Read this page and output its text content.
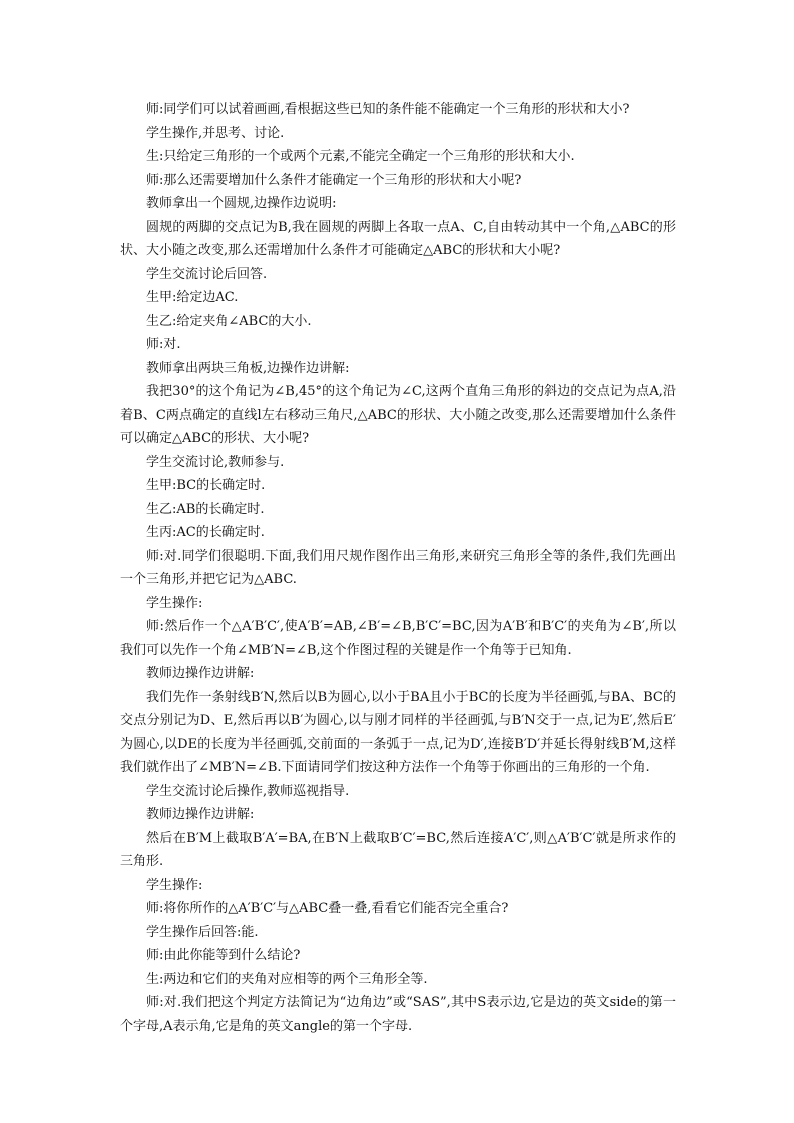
师:同学们可以试着画画,看根据这些已知的条件能不能确定一个三角形的形状和大小?

学生操作,并思考、讨论.

生:只给定三角形的一个或两个元素,不能完全确定一个三角形的形状和大小.

师:那么还需要增加什么条件才能确定一个三角形的形状和大小呢?

教师拿出一个圆规,边操作边说明:

圆规的两脚的交点记为B,我在圆规的两脚上各取一点A、C,自由转动其中一个角,△ABC的形状、大小随之改变,那么还需增加什么条件才可能确定△ABC的形状和大小呢?

学生交流讨论后回答.

生甲:给定边AC.

生乙:给定夹角∠ABC的大小.

师:对.

教师拿出两块三角板,边操作边讲解:

我把30°的这个角记为∠B,45°的这个角记为∠C,这两个直角三角形的斜边的交点记为点A,沿着B、C两点确定的直线l左右移动三角尺,△ABC的形状、大小随之改变,那么还需要增加什么条件可以确定△ABC的形状、大小呢?

学生交流讨论,教师参与.

生甲:BC的长确定时.

生乙:AB的长确定时.

生丙:AC的长确定时.

师:对.同学们很聪明.下面,我们用尺规作图作出三角形,来研究三角形全等的条件,我们先画出一个三角形,并把它记为△ABC.

学生操作:

师:然后作一个△A′B′C′,使A′B′=AB,∠B′=∠B,B′C′=BC,因为A′B′和B′C′的夹角为∠B′,所以我们可以先作一个角∠MB′N=∠B,这个作图过程的关键是作一个角等于已知角.

教师边操作边讲解:

我们先作一条射线B′N,然后以B为圆心,以小于BA且小于BC的长度为半径画弧,与BA、BC的交点分别记为D、E,然后再以B′为圆心,以与刚才同样的半径画弧,与B′N交于一点,记为E′,然后E′为圆心,以DE的长度为半径画弧,交前面的一条弧于一点,记为D′,连接B′D′并延长得射线B′M,这样我们就作出了∠MB′N=∠B.下面请同学们按这种方法作一个角等于你画出的三角形的一个角.

学生交流讨论后操作,教师巡视指导.

教师边操作边讲解:

然后在B′M上截取B′A′=BA,在B′N上截取B′C′=BC,然后连接A′C′,则△A′B′C′就是所求作的三角形.

学生操作:

师:将你所作的△A′B′C′与△ABC叠一叠,看看它们能否完全重合?

学生操作后回答:能.

师:由此你能等到什么结论?

生:两边和它们的夹角对应相等的两个三角形全等.

师:对.我们把这个判定方法简记为“边角边”或“SAS”,其中S表示边,它是边的英文side的第一个字母,A表示角,它是角的英文angle的第一个字母.
